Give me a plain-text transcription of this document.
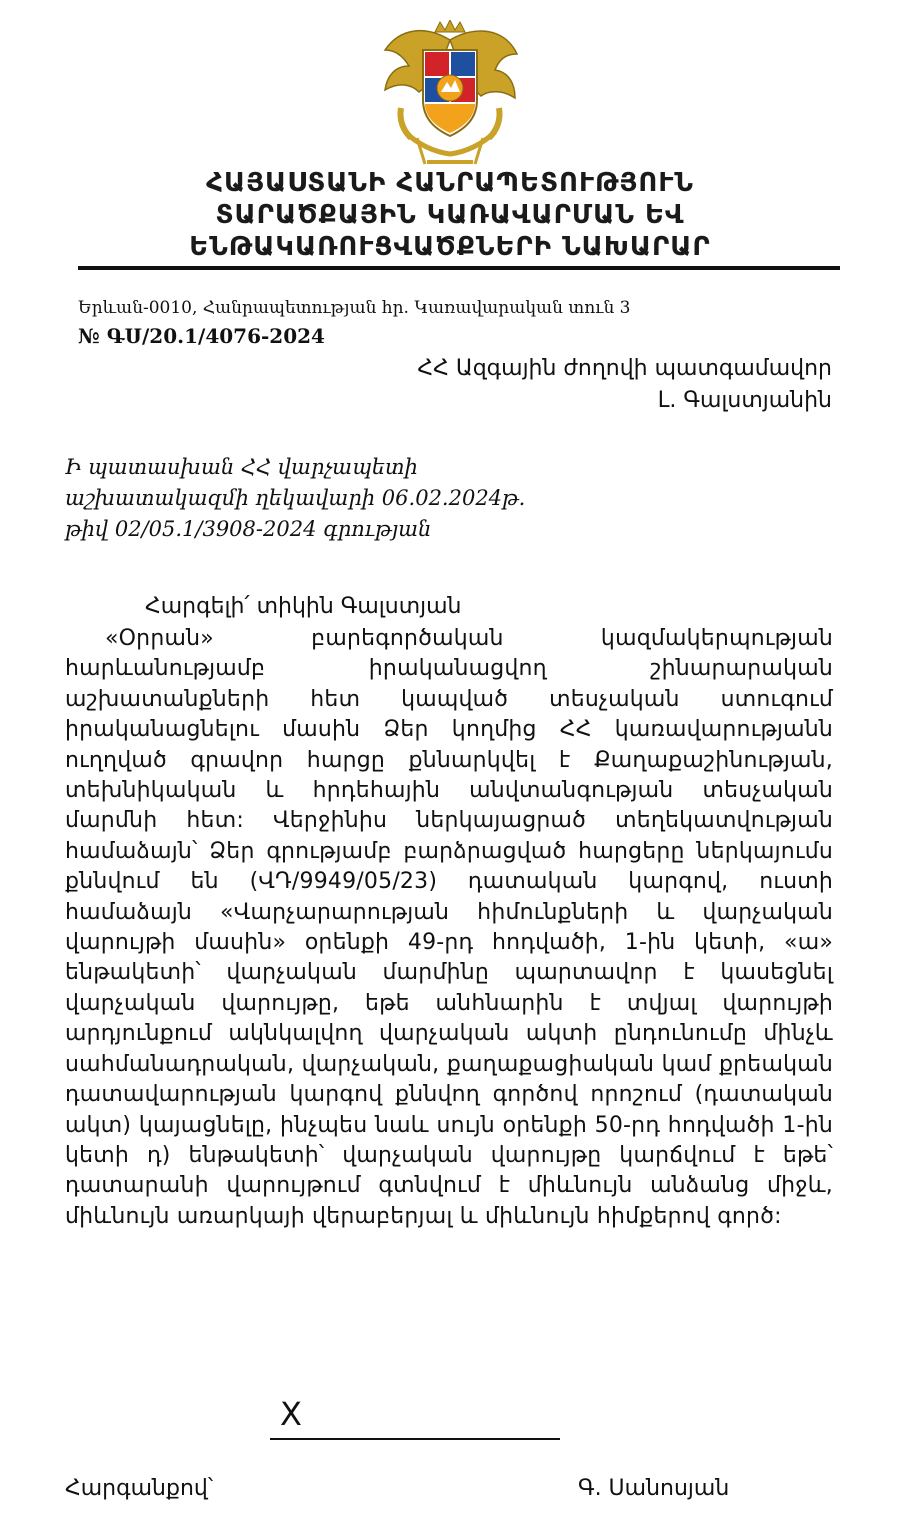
ՀԱՅԱՍՏԱՆԻ ՀԱՆՐԱՊԵՏՈՒԹՅՈՒՆ
ՏԱՐԱԾՔԱՅԻՆ ԿԱՌԱՎԱՐՄԱՆ ԵՎ
ԵՆԹԱԿԱՌՈՒՑՎԱԾՔՆԵՐԻ ՆԱԽԱՐԱՐ
Երևան-0010, Հանրապետության հր. Կառավարական տուն 3
№ ԳՍ/20.1/4076-2024
ՀՀ Ազգային ժողովի պատգամավոր
Լ. Գալստյանին
Ի պատասխան ՀՀ վարչապետի
աշխատակազմի ղեկավարի 06.02.2024թ.
թիվ 02/05.1/3908-2024 գրության
Հարգելի՛ տիկին Գալստյան
«Օրրան» բարեգործական կազմակերպության հարևանությամբ իրականացվող շինարարական աշխատանքների հետ կապված տեսչական ստուգում իրականացնելու մասին Ձեր կողմից ՀՀ կառավարությանն ուղղված գրավոր հարցը քննարկվել է Քաղաքաշինության, տեխնիկական և հրդեհային անվտանգության տեսչական մարմնի հետ: Վերջինիս ներկայացրած տեղեկատվության համաձայն՝ Ձեր գրությամբ բարձրացված հարցերը ներկայումս քննվում են (ՎԴ/9949/05/23) դատական կարգով, ուստի համաձայն «Վարչարարության հիմունքների և վարչական վարույթի մասին» օրենքի 49-րդ հոդվածի, 1-ին կետի, «ա» ենթակետի՝ վարչական մարմինը պարտավոր է կասեցնել վարչական վարույթը, եթե անհնարին է տվյալ վարույթի արդյունքում ակնկալվող վարչական ակտի ընդունումը մինչև սահմանադրական, վարչական, քաղաքացիական կամ քրեական դատավարության կարգով քննվող գործով որոշում (դատական ակտ) կայացնելը, ինչպես նաև սույն օրենքի 50-րդ հոդվածի 1-ին կետի դ) ենթակետի՝ վարչական վարույթը կարճվում է եթե՝ դատարանի վարույթում գտնվում է միևնույն անձանց միջև, միևնույն առարկայի վերաբերյալ և միևնույն հիմքերով գործ:
X
Հարգանքով՝	Գ. Սանոսյան
